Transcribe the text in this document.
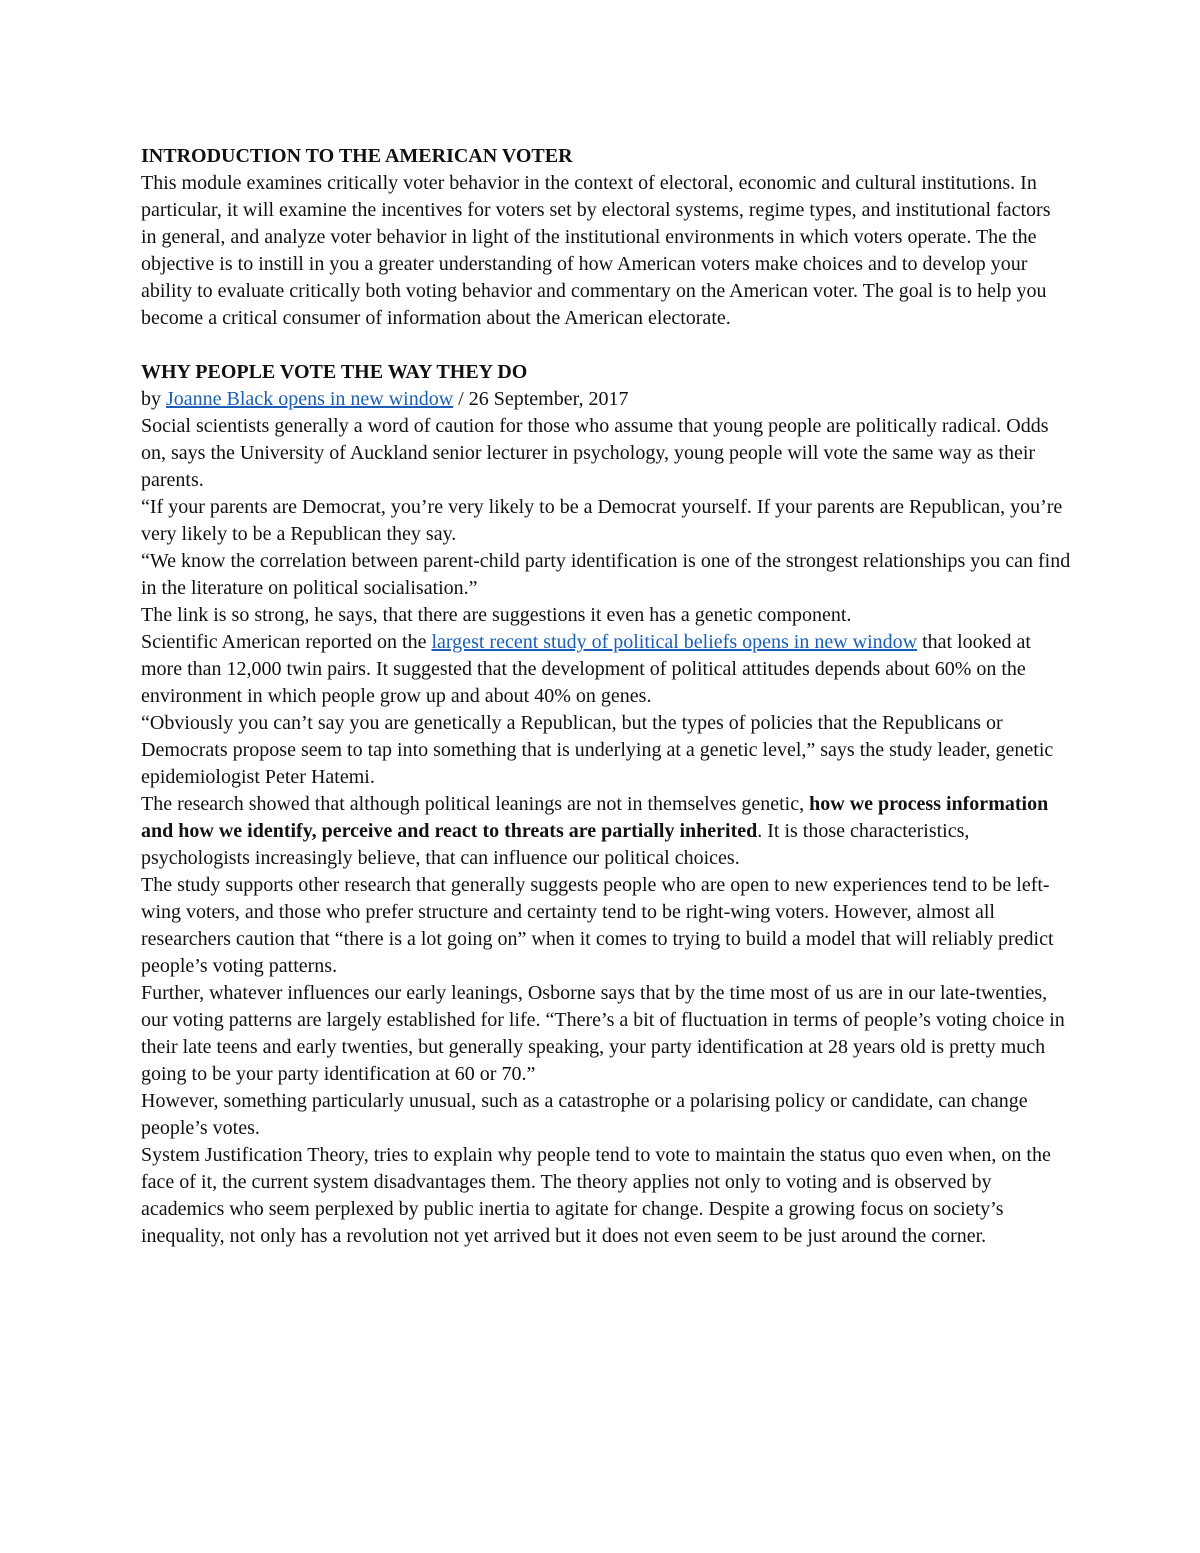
INTRODUCTION TO THE AMERICAN VOTER

This module examines critically voter behavior in the context of electoral, economic and cultural institutions. In particular, it will examine the incentives for voters set by electoral systems, regime types, and institutional factors in general, and analyze voter behavior in light of the institutional environments in which voters operate. The the objective is to instill in you a greater understanding of how American voters make choices and to develop your ability to evaluate critically both voting behavior and commentary on the American voter. The goal is to help you become a critical consumer of information about the American electorate.

WHY PEOPLE VOTE THE WAY THEY DO

by Joanne Black opens in new window / 26 September, 2017

Social scientists generally a word of caution for those who assume that young people are politically radical. Odds on, says the University of Auckland senior lecturer in psychology, young people will vote the same way as their parents.

“If your parents are Democrat, you’re very likely to be a Democrat yourself. If your parents are Republican, you’re very likely to be a Republican they say.

“We know the correlation between parent-child party identification is one of the strongest relationships you can find in the literature on political socialisation.”

The link is so strong, he says, that there are suggestions it even has a genetic component.

Scientific American reported on the largest recent study of political beliefs opens in new window that looked at more than 12,000 twin pairs. It suggested that the development of political attitudes depends about 60% on the environment in which people grow up and about 40% on genes.

“Obviously you can’t say you are genetically a Republican, but the types of policies that the Republicans or Democrats propose seem to tap into something that is underlying at a genetic level,” says the study leader, genetic epidemiologist Peter Hatemi.

The research showed that although political leanings are not in themselves genetic, how we process information and how we identify, perceive and react to threats are partially inherited. It is those characteristics, psychologists increasingly believe, that can influence our political choices.

The study supports other research that generally suggests people who are open to new experiences tend to be left-wing voters, and those who prefer structure and certainty tend to be right-wing voters. However, almost all researchers caution that “there is a lot going on” when it comes to trying to build a model that will reliably predict people’s voting patterns.

Further, whatever influences our early leanings, Osborne says that by the time most of us are in our late-twenties, our voting patterns are largely established for life. “There’s a bit of fluctuation in terms of people’s voting choice in their late teens and early twenties, but generally speaking, your party identification at 28 years old is pretty much going to be your party identification at 60 or 70.”

However, something particularly unusual, such as a catastrophe or a polarising policy or candidate, can change people’s votes.

System Justification Theory, tries to explain why people tend to vote to maintain the status quo even when, on the face of it, the current system disadvantages them. The theory applies not only to voting and is observed by academics who seem perplexed by public inertia to agitate for change. Despite a growing focus on society’s inequality, not only has a revolution not yet arrived but it does not even seem to be just around the corner.
